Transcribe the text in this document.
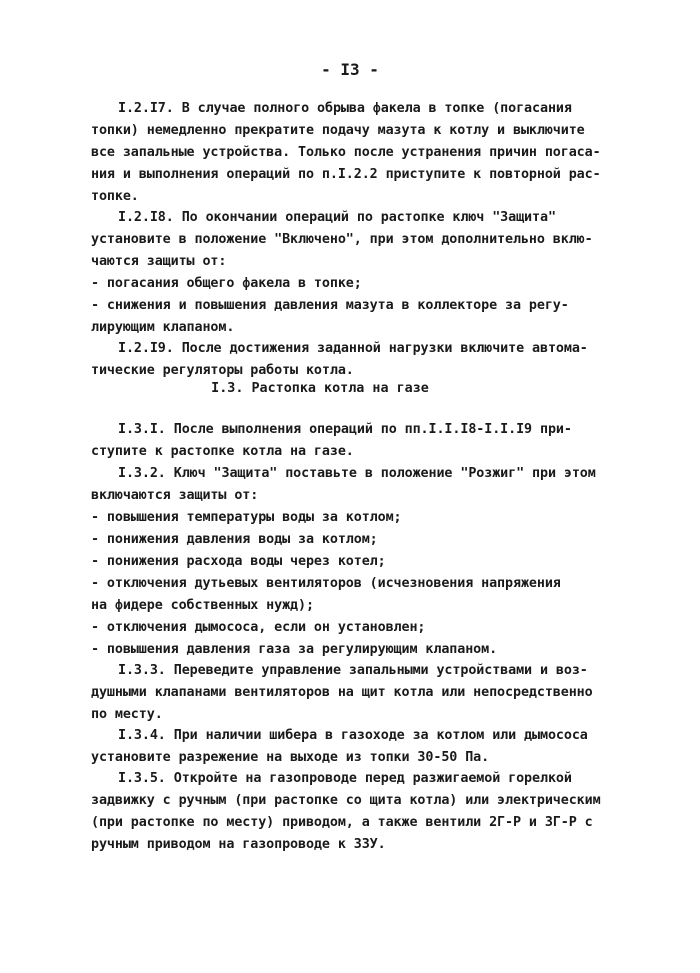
- I3 -
I.2.I7. В случае полного обрыва факела в топке (погасания
топки) немедленно прекратите подачу мазута к котлу и выключите
все запальные устройства. Только после устранения причин погаса-
ния и выполнения операций по п.I.2.2 приступите к повторной рас-
топке.
I.2.I8. По окончании операций по растопке ключ "Защита"
установите в положение "Включено", при этом дополнительно вклю-
чаются защиты от:
- погасания общего факела в топке;
- снижения и повышения давления мазута в коллекторе за регу-
лирующим клапаном.
I.2.I9. После достижения заданной нагрузки включите автома-
тические регуляторы работы котла.
I.3. Растопка котла на газе
I.3.I. После выполнения операций по пп.I.I.I8-I.I.I9 при-
ступите к растопке котла на газе.
I.3.2. Ключ "Защита" поставьте в положение "Розжиг" при этом
включаются защиты от:
- повышения температуры воды за котлом;
- понижения давления воды за котлом;
- понижения расхода воды через котел;
- отключения дутьевых вентиляторов (исчезновения напряжения
на фидере собственных нужд);
- отключения дымососа, если он установлен;
- повышения давления газа за регулирующим клапаном.
I.3.3. Переведите управление запальными устройствами и воз-
душными клапанами вентиляторов на щит котла или непосредственно
по месту.
I.3.4. При наличии шибера в газоходе за котлом или дымососа
установите разрежение на выходе из топки 30-50 Па.
I.3.5. Откройте на газопроводе перед разжигаемой горелкой
задвижку с ручным (при растопке со щита котла) или электрическим
(при растопке по месту) приводом, а также вентили 2Г-Р и 3Г-Р с
ручным приводом на газопроводе к ЗЗУ.
